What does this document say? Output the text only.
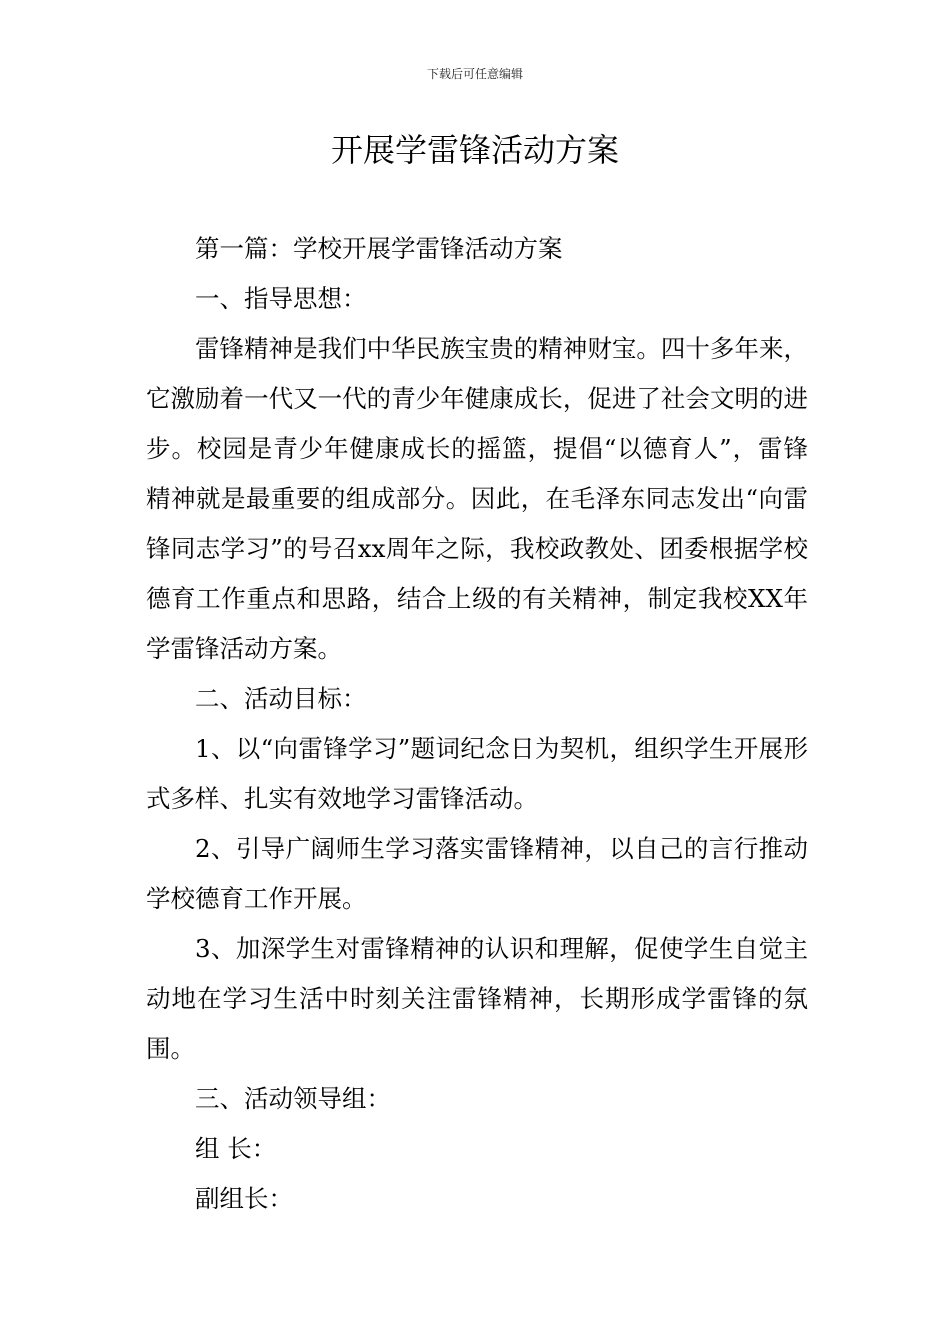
下载后可任意编辑
开展学雷锋活动方案

第一篇：学校开展学雷锋活动方案

一、指导思想：

雷锋精神是我们中华民族宝贵的精神财宝。四十多年来，它激励着一代又一代的青少年健康成长，促进了社会文明的进步。校园是青少年健康成长的摇篮，提倡“以德育人”，雷锋精神就是最重要的组成部分。因此，在毛泽东同志发出“向雷锋同志学习”的号召xx周年之际，我校政教处、团委根据学校德育工作重点和思路，结合上级的有关精神，制定我校XX年学雷锋活动方案。

二、活动目标：

1、以“向雷锋学习”题词纪念日为契机，组织学生开展形式多样、扎实有效地学习雷锋活动。

2、引导广阔师生学习落实雷锋精神，以自己的言行推动学校德育工作开展。

3、加深学生对雷锋精神的认识和理解，促使学生自觉主动地在学习生活中时刻关注雷锋精神，长期形成学雷锋的氛围。

三、活动领导组：

组 长：

副组长：
